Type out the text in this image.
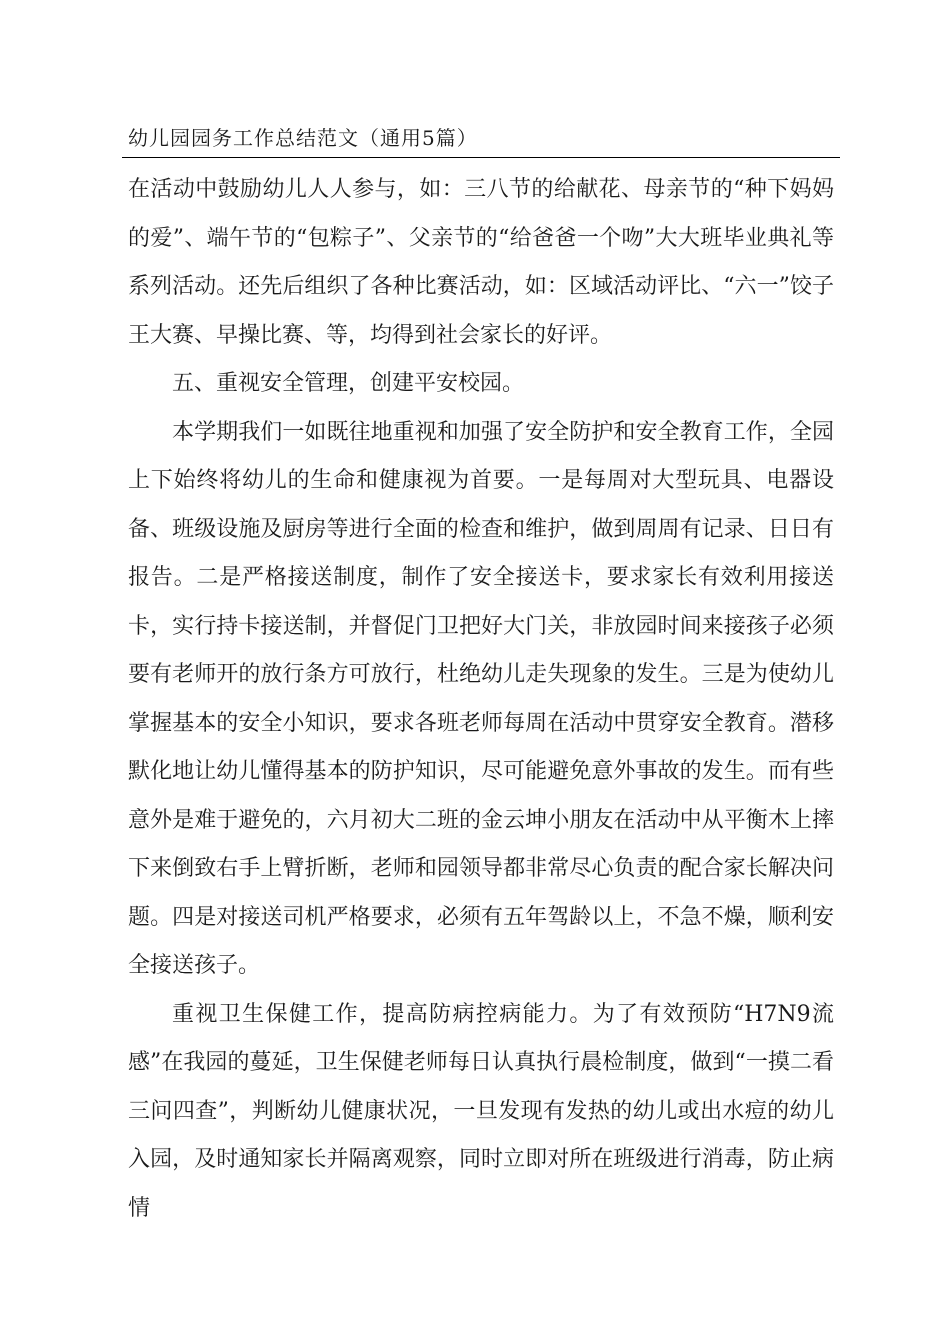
幼儿园园务工作总结范文（通用5篇）

在活动中鼓励幼儿人人参与，如：三八节的给献花、母亲节的“种下妈妈的爱”、端午节的“包粽子”、父亲节的“给爸爸一个吻”大大班毕业典礼等系列活动。还先后组织了各种比赛活动，如：区域活动评比、“六一”饺子王大赛、早操比赛、等，均得到社会家长的好评。

五、重视安全管理，创建平安校园。

本学期我们一如既往地重视和加强了安全防护和安全教育工作，全园上下始终将幼儿的生命和健康视为首要。一是每周对大型玩具、电器设备、班级设施及厨房等进行全面的检查和维护，做到周周有记录、日日有报告。二是严格接送制度，制作了安全接送卡，要求家长有效利用接送卡，实行持卡接送制，并督促门卫把好大门关，非放园时间来接孩子必须要有老师开的放行条方可放行，杜绝幼儿走失现象的发生。三是为使幼儿掌握基本的安全小知识，要求各班老师每周在活动中贯穿安全教育。潜移默化地让幼儿懂得基本的防护知识，尽可能避免意外事故的发生。而有些意外是难于避免的，六月初大二班的金云坤小朋友在活动中从平衡木上摔下来倒致右手上臂折断，老师和园领导都非常尽心负责的配合家长解决问题。四是对接送司机严格要求，必须有五年驾龄以上，不急不燥，顺利安全接送孩子。

重视卫生保健工作，提高防病控病能力。为了有效预防“H7N9流感”在我园的蔓延，卫生保健老师每日认真执行晨检制度，做到“一摸二看三问四查”，判断幼儿健康状况，一旦发现有发热的幼儿或出水痘的幼儿入园，及时通知家长并隔离观察，同时立即对所在班级进行消毒，防止病情
